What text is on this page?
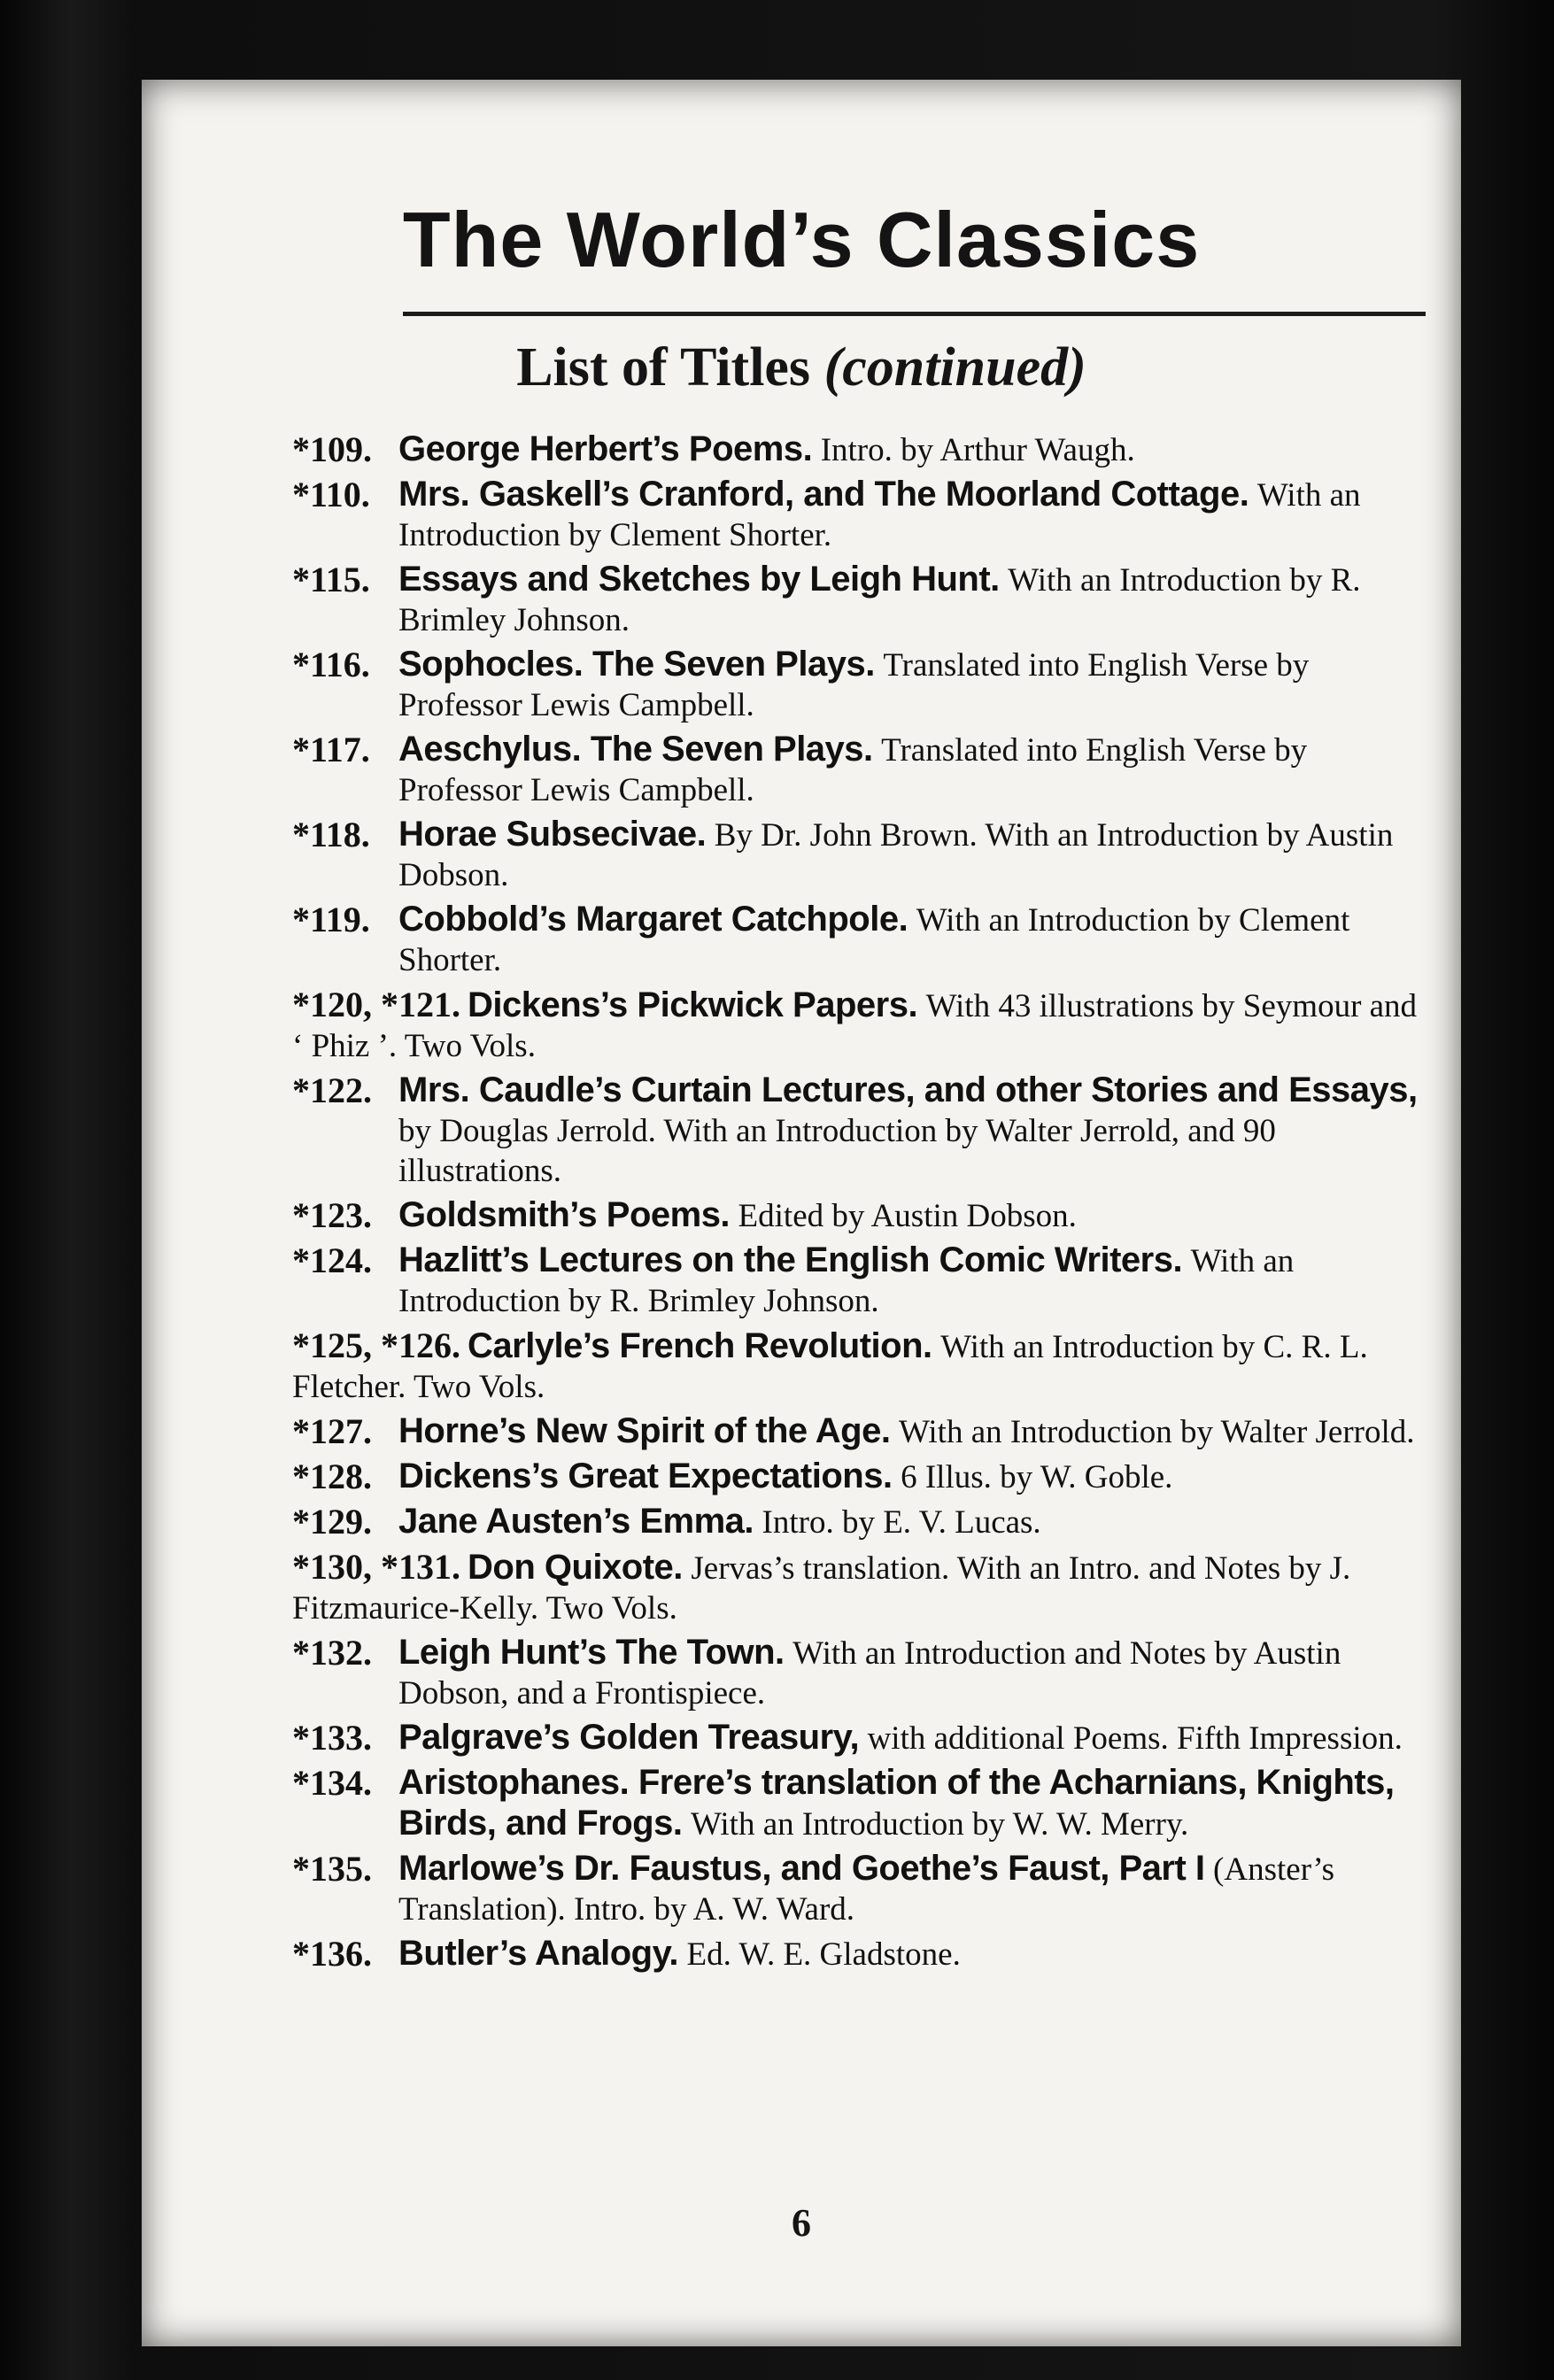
The World’s Classics
List of Titles (continued)
*109. George Herbert’s Poems. Intro. by Arthur Waugh.
*110. Mrs. Gaskell’s Cranford, and The Moorland Cottage. With an Introduction by Clement Shorter.
*115. Essays and Sketches by Leigh Hunt. With an Introduction by R. Brimley Johnson.
*116. Sophocles. The Seven Plays. Translated into English Verse by Professor Lewis Campbell.
*117. Aeschylus. The Seven Plays. Translated into English Verse by Professor Lewis Campbell.
*118. Horae Subsecivae. By Dr. John Brown. With an Introduction by Austin Dobson.
*119. Cobbold’s Margaret Catchpole. With an Introduction by Clement Shorter.
*120, *121. Dickens’s Pickwick Papers. With 43 illustrations by Seymour and ‘ Phiz ’. Two Vols.
*122. Mrs. Caudle’s Curtain Lectures, and other Stories and Essays, by Douglas Jerrold. With an Introduction by Walter Jerrold, and 90 illustrations.
*123. Goldsmith’s Poems. Edited by Austin Dobson.
*124. Hazlitt’s Lectures on the English Comic Writers. With an Introduction by R. Brimley Johnson.
*125, *126. Carlyle’s French Revolution. With an Introduction by C. R. L. Fletcher. Two Vols.
*127. Horne’s New Spirit of the Age. With an Introduction by Walter Jerrold.
*128. Dickens’s Great Expectations. 6 Illus. by W. Goble.
*129. Jane Austen’s Emma. Intro. by E. V. Lucas.
*130, *131. Don Quixote. Jervas’s translation. With an Intro. and Notes by J. Fitzmaurice-Kelly. Two Vols.
*132. Leigh Hunt’s The Town. With an Introduction and Notes by Austin Dobson, and a Frontispiece.
*133. Palgrave’s Golden Treasury, with additional Poems. Fifth Impression.
*134. Aristophanes. Frere’s translation of the Acharnians, Knights, Birds, and Frogs. With an Introduction by W. W. Merry.
*135. Marlowe’s Dr. Faustus, and Goethe’s Faust, Part I (Anster’s Translation). Intro. by A. W. Ward.
*136. Butler’s Analogy. Ed. W. E. Gladstone.
6
